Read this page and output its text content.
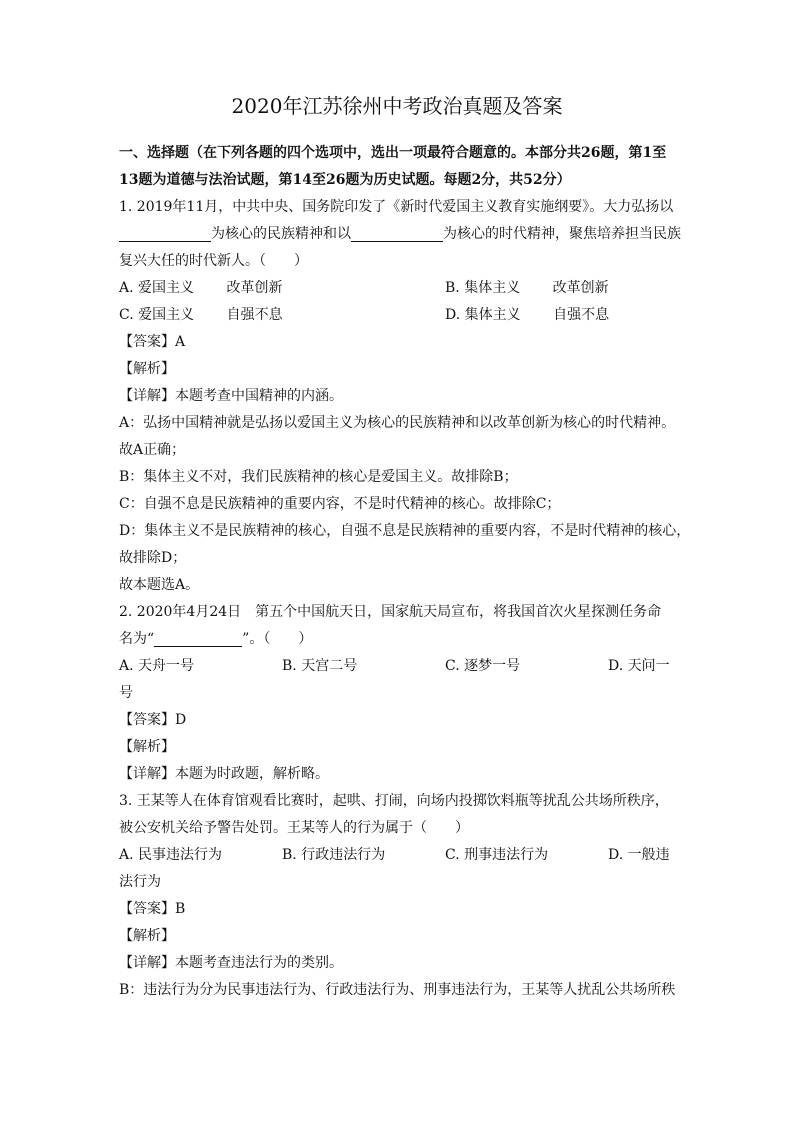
2020年江苏徐州中考政治真题及答案
一、选择题（在下列各题的四个选项中，选出一项最符合题意的。本部分共26题，第1至
13题为道德与法治试题，第14至26题为历史试题。每题2分，共52分）
1. 2019年11月，中共中央、国务院印发了《新时代爱国主义教育实施纲要》。大力弘扬以
为核心的民族精神和以	为核心的时代精神，聚焦培养担当民族
复兴大任的时代新人。（　　）
A. 爱国主义　　 改革创新	B. 集体主义　　 改革创新
C. 爱国主义　　 自强不息	D. 集体主义　　 自强不息
【答案】A
【解析】
【详解】本题考查中国精神的内涵。
A：弘扬中国精神就是弘扬以爱国主义为核心的民族精神和以改革创新为核心的时代精神。
故A正确；
B：集体主义不对，我们民族精神的核心是爱国主义。故排除B；
C：自强不息是民族精神的重要内容，不是时代精神的核心。故排除C；
D：集体主义不是民族精神的核心，自强不息是民族精神的重要内容，不是时代精神的核心，
故排除D；
故本题选A。
2. 2020年4月24日　第五个中国航天日，国家航天局宣布，将我国首次火星探测任务命
名为“	”。（　　）
A. 天舟一号	B. 天宫二号	C. 逐梦一号	D. 天问一
号
【答案】D
【解析】
【详解】本题为时政题，解析略。
3. 王某等人在体育馆观看比赛时，起哄、打闹，向场内投掷饮料瓶等扰乱公共场所秩序，
被公安机关给予警告处罚。王某等人的行为属于（　　）
A. 民事违法行为	B. 行政违法行为	C. 刑事违法行为	D. 一般违
法行为
【答案】B
【解析】
【详解】本题考查违法行为的类别。
B：违法行为分为民事违法行为、行政违法行为、刑事违法行为，王某等人扰乱公共场所秩
